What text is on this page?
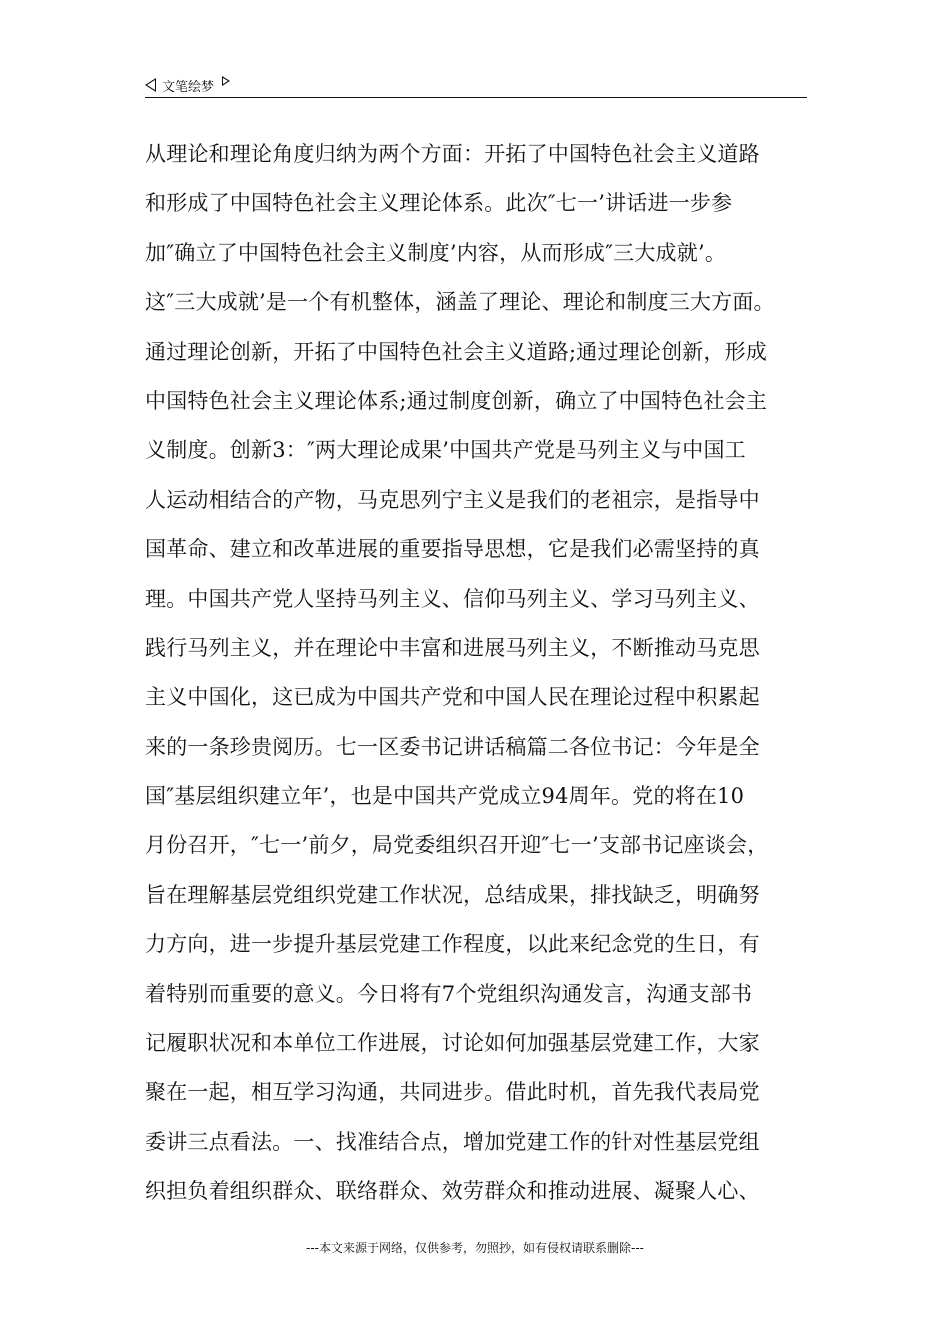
文笔绘梦
从理论和理论角度归纳为两个方面：开拓了中国特色社会主义道路
和形成了中国特色社会主义理论体系。此次″七一’讲话进一步参
加″确立了中国特色社会主义制度’内容，从而形成″三大成就’。
这″三大成就’是一个有机整体，涵盖了理论、理论和制度三大方面。
通过理论创新，开拓了中国特色社会主义道路;通过理论创新，形成
中国特色社会主义理论体系;通过制度创新，确立了中国特色社会主
义制度。创新3：″两大理论成果’中国共产党是马列主义与中国工
人运动相结合的产物，马克思列宁主义是我们的老祖宗，是指导中
国革命、建立和改革进展的重要指导思想，它是我们必需坚持的真
理。中国共产党人坚持马列主义、信仰马列主义、学习马列主义、
践行马列主义，并在理论中丰富和进展马列主义，不断推动马克思
主义中国化，这已成为中国共产党和中国人民在理论过程中积累起
来的一条珍贵阅历。七一区委书记讲话稿篇二各位书记：今年是全
国″基层组织建立年’，也是中国共产党成立94周年。党的将在10
月份召开，″七一’前夕，局党委组织召开迎″七一’支部书记座谈会，
旨在理解基层党组织党建工作状况，总结成果，排找缺乏，明确努
力方向，进一步提升基层党建工作程度，以此来纪念党的生日，有
着特别而重要的意义。今日将有7个党组织沟通发言，沟通支部书
记履职状况和本单位工作进展，讨论如何加强基层党建工作，大家
聚在一起，相互学习沟通，共同进步。借此时机，首先我代表局党
委讲三点看法。一、找准结合点，增加党建工作的针对性基层党组
织担负着组织群众、联络群众、效劳群众和推动进展、凝聚人心、
---本文来源于网络，仅供参考，勿照抄，如有侵权请联系删除---
